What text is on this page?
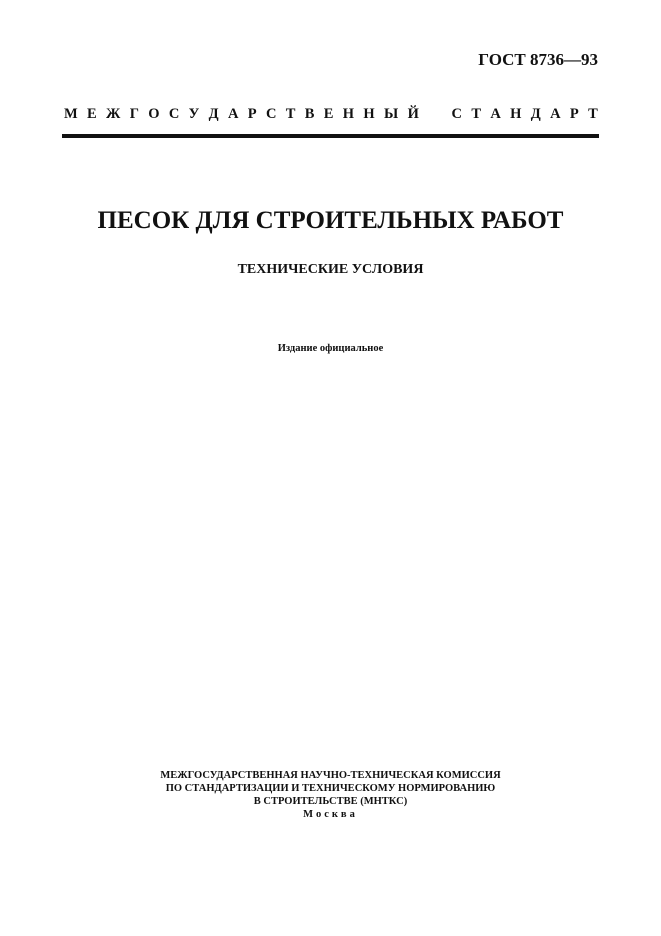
ГОСТ 8736—93
М Е Ж Г О С У Д А Р С Т В Е Н Н Ы Й С Т А Н Д А Р Т
ПЕСОК ДЛЯ СТРОИТЕЛЬНЫХ РАБОТ
ТЕХНИЧЕСКИЕ УСЛОВИЯ
Издание официальное
МЕЖГОСУДАРСТВЕННАЯ НАУЧНО-ТЕХНИЧЕСКАЯ КОМИССИЯ
ПО СТАНДАРТИЗАЦИИ И ТЕХНИЧЕСКОМУ НОРМИРОВАНИЮ
В СТРОИТЕЛЬСТВЕ (МНТКС)
Москва
